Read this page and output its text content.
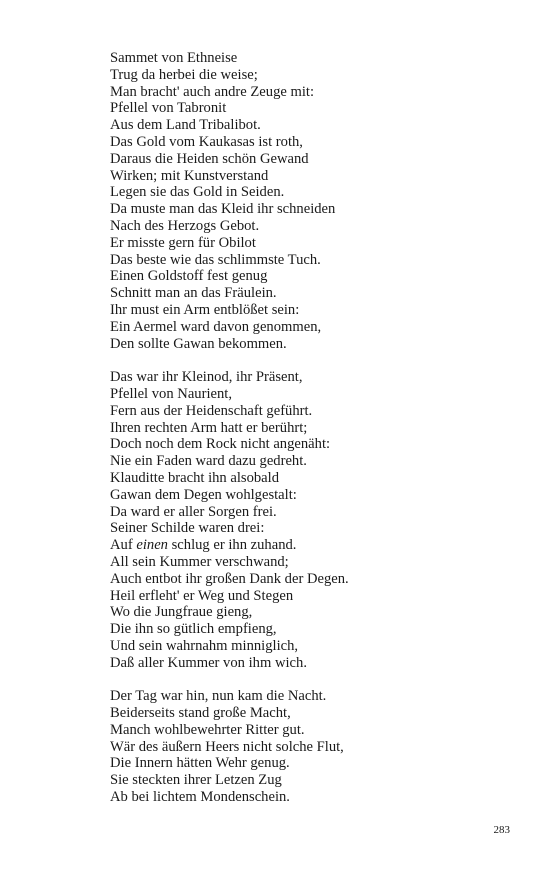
Sammet von Ethneise
Trug da herbei die weise;
Man bracht' auch andre Zeuge mit:
Pfellel von Tabronit
Aus dem Land Tribalibot.
Das Gold vom Kaukasas ist roth,
Daraus die Heiden schön Gewand
Wirken; mit Kunstverstand
Legen sie das Gold in Seiden.
Da muste man das Kleid ihr schneiden
Nach des Herzogs Gebot.
Er misste gern für Obilot
Das beste wie das schlimmste Tuch.
Einen Goldstoff fest genug
Schnitt man an das Fräulein.
Ihr must ein Arm entblößet sein:
Ein Aermel ward davon genommen,
Den sollte Gawan bekommen.
Das war ihr Kleinod, ihr Präsent,
Pfellel von Naurient,
Fern aus der Heidenschaft geführt.
Ihren rechten Arm hatt er berührt;
Doch noch dem Rock nicht angenäht:
Nie ein Faden ward dazu gedreht.
Klauditte bracht ihn alsobald
Gawan dem Degen wohlgestalt:
Da ward er aller Sorgen frei.
Seiner Schilde waren drei:
Auf einen schlug er ihn zuhand.
All sein Kummer verschwand;
Auch entbot ihr großen Dank der Degen.
Heil erfleht' er Weg und Stegen
Wo die Jungfraue gieng,
Die ihn so gütlich empfieng,
Und sein wahrnahm minniglich,
Daß aller Kummer von ihm wich.
Der Tag war hin, nun kam die Nacht.
Beiderseits stand große Macht,
Manch wohlbewehrter Ritter gut.
Wär des äußern Heers nicht solche Flut,
Die Innern hätten Wehr genug.
Sie steckten ihrer Letzen Zug
Ab bei lichtem Mondenschein.
283
